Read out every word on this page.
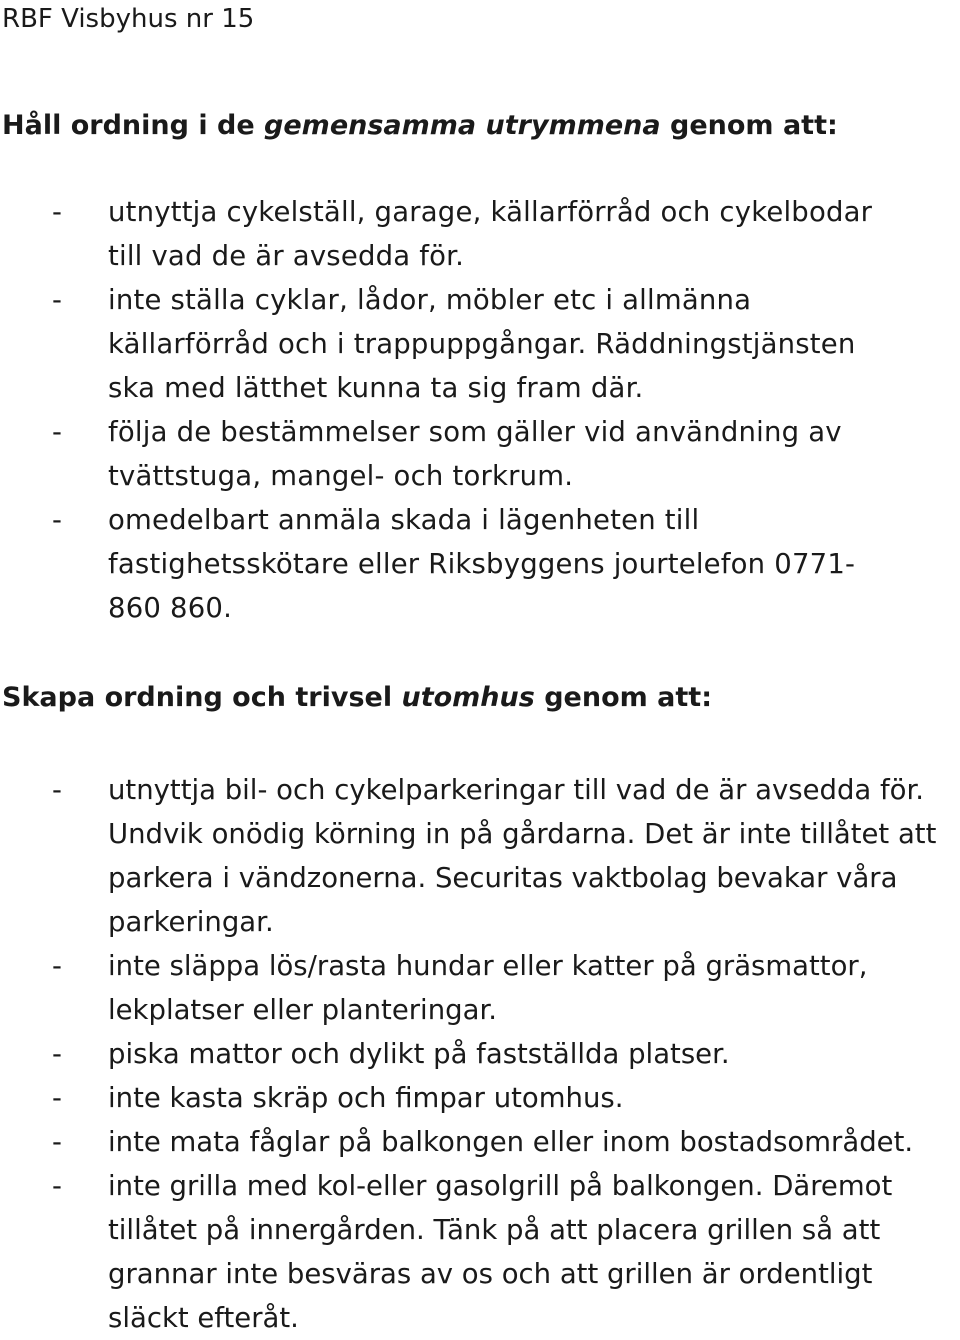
RBF Visbyhus nr 15
Håll ordning i de gemensamma utrymmena genom att:
- utnyttja cykelställ, garage, källarförråd och cykelbodar till vad de är avsedda för.
- inte ställa cyklar, lådor, möbler etc i allmänna källarförråd och i trappuppgångar. Räddningstjänsten ska med lätthet kunna ta sig fram där.
- följa de bestämmelser som gäller vid användning av tvättstuga, mangel- och torkrum.
- omedelbart anmäla skada i lägenheten till fastighetsskötare eller Riksbyggens jourtelefon 0771-860 860.
Skapa ordning och trivsel utomhus genom att:
- utnyttja bil- och cykelparkeringar till vad de är avsedda för. Undvik onödig körning in på gårdarna. Det är inte tillåtet att parkera i vändzonerna. Securitas vaktbolag bevakar våra parkeringar.
- inte släppa lös/rasta hundar eller katter på gräsmattor, lekplatser eller planteringar.
- piska mattor och dylikt på fastställda platser.
- inte kasta skräp och fimpar utomhus.
- inte mata fåglar på balkongen eller inom bostadsområdet.
- inte grilla med kol-eller gasolgrill på balkongen. Däremot tillåtet på innergården. Tänk på att placera grillen så att grannar inte besväras av os och att grillen är ordentligt släckt efteråt.
